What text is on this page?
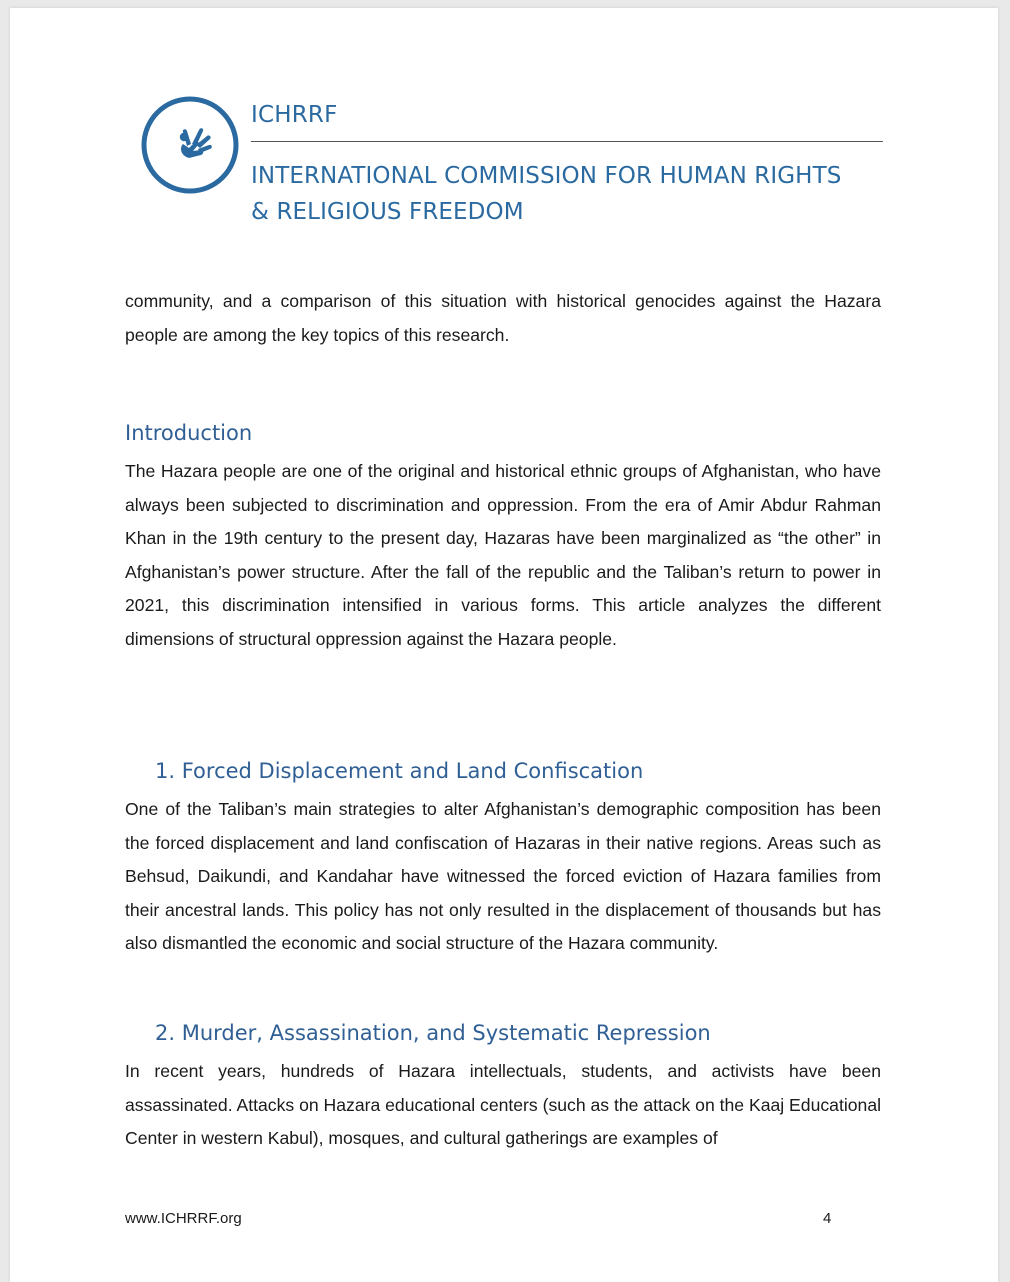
ICHRRF
INTERNATIONAL COMMISSION FOR HUMAN RIGHTS
& RELIGIOUS FREEDOM

community, and a comparison of this situation with historical genocides against the Hazara people are among the key topics of this research.

Introduction

The Hazara people are one of the original and historical ethnic groups of Afghanistan, who have always been subjected to discrimination and oppression. From the era of Amir Abdur Rahman Khan in the 19th century to the present day, Hazaras have been marginalized as “the other” in Afghanistan’s power structure. After the fall of the republic and the Taliban’s return to power in 2021, this discrimination intensified in various forms. This article analyzes the different dimensions of structural oppression against the Hazara people.

1. Forced Displacement and Land Confiscation

One of the Taliban’s main strategies to alter Afghanistan’s demographic composition has been the forced displacement and land confiscation of Hazaras in their native regions. Areas such as Behsud, Daikundi, and Kandahar have witnessed the forced eviction of Hazara families from their ancestral lands. This policy has not only resulted in the displacement of thousands but has also dismantled the economic and social structure of the Hazara community.

2. Murder, Assassination, and Systematic Repression

In recent years, hundreds of Hazara intellectuals, students, and activists have been assassinated. Attacks on Hazara educational centers (such as the attack on the Kaaj Educational Center in western Kabul), mosques, and cultural gatherings are examples of

www.ICHRRF.org	4
